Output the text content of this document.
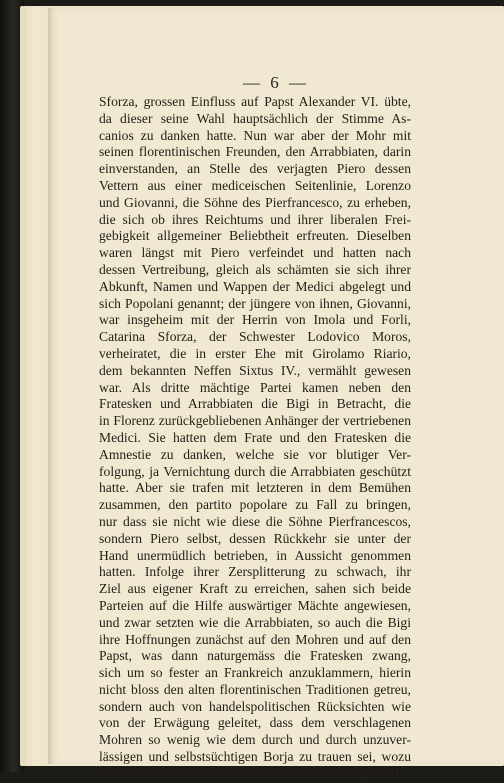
— 6 —
Sforza, grossen Einfluss auf Papst Alexander VI. übte,
da dieser seine Wahl hauptsächlich der Stimme As-
canios zu danken hatte. Nun war aber der Mohr mit
seinen florentinischen Freunden, den Arrabbiaten, darin
einverstanden, an Stelle des verjagten Piero dessen
Vettern aus einer mediceischen Seitenlinie, Lorenzo
und Giovanni, die Söhne des Pierfrancesco, zu erheben,
die sich ob ihres Reichtums und ihrer liberalen Frei-
gebigkeit allgemeiner Beliebtheit erfreuten. Dieselben
waren längst mit Piero verfeindet und hatten nach
dessen Vertreibung, gleich als schämten sie sich ihrer
Abkunft, Namen und Wappen der Medici abgelegt und
sich Popolani genannt; der jüngere von ihnen, Giovanni,
war insgeheim mit der Herrin von Imola und Forli,
Catarina Sforza, der Schwester Lodovico Moros,
verheiratet, die in erster Ehe mit Girolamo Riario,
dem bekannten Neffen Sixtus IV., vermählt gewesen
war. Als dritte mächtige Partei kamen neben den
Fratesken und Arrabbiaten die Bigi in Betracht, die
in Florenz zurückgebliebenen Anhänger der vertriebenen
Medici. Sie hatten dem Frate und den Fratesken die
Amnestie zu danken, welche sie vor blutiger Ver-
folgung, ja Vernichtung durch die Arrabbiaten geschützt
hatte. Aber sie trafen mit letzteren in dem Bemühen
zusammen, den partito popolare zu Fall zu bringen,
nur dass sie nicht wie diese die Söhne Pierfrancescos,
sondern Piero selbst, dessen Rückkehr sie unter der
Hand unermüdlich betrieben, in Aussicht genommen
hatten. Infolge ihrer Zersplitterung zu schwach, ihr
Ziel aus eigener Kraft zu erreichen, sahen sich beide
Parteien auf die Hilfe auswärtiger Mächte angewiesen,
und zwar setzten wie die Arrabbiaten, so auch die Bigi
ihre Hoffnungen zunächst auf den Mohren und auf den
Papst, was dann naturgemäss die Fratesken zwang,
sich um so fester an Frankreich anzuklammern, hierin
nicht bloss den alten florentinischen Traditionen getreu,
sondern auch von handelspolitischen Rücksichten wie
von der Erwägung geleitet, dass dem verschlagenen
Mohren so wenig wie dem durch und durch unzuver-
lässigen und selbstsüchtigen Borja zu trauen sei, wozu
dann beim Frate noch der Gedanke an die von Karl VIII.
